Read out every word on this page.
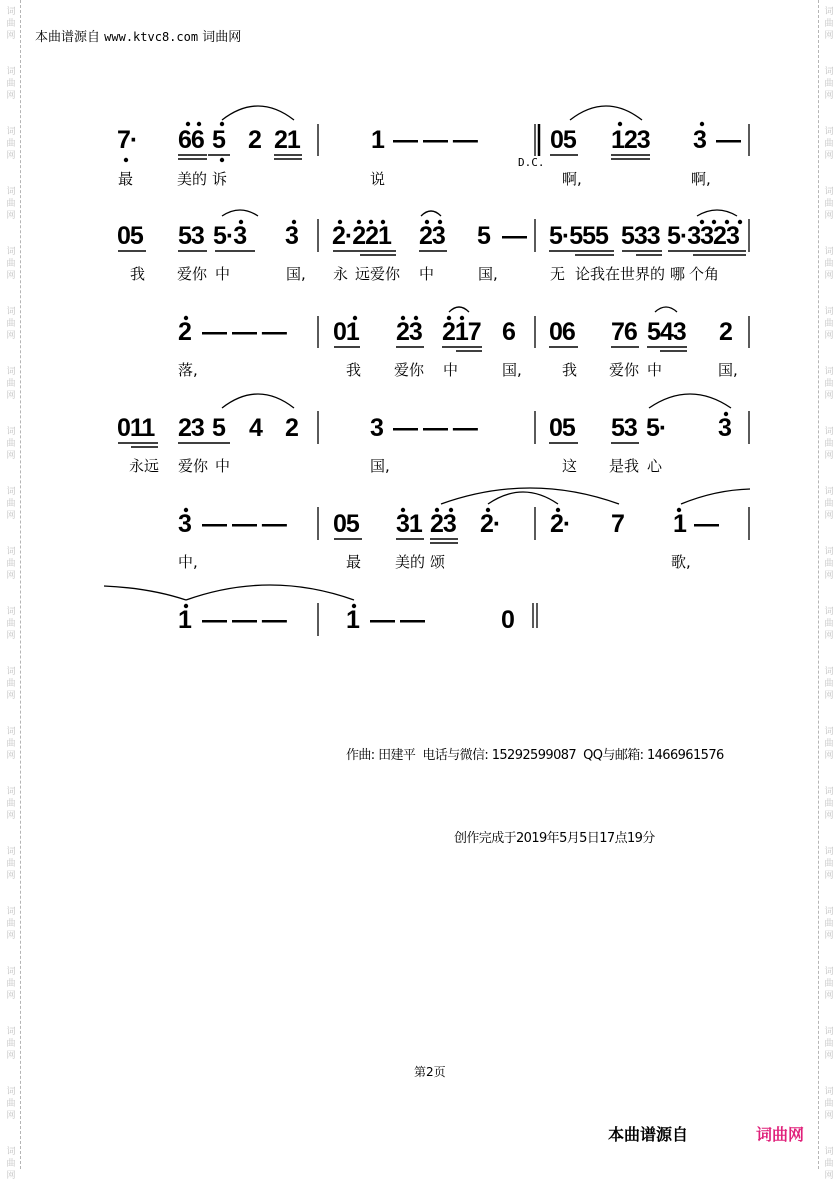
词
曲
网
词
曲
网
词
曲
网
词
曲
网
词
曲
网
词
曲
网
词
曲
网
词
曲
网
词
曲
网
词
曲
网
词
曲
网
词
曲
网
词
曲
网
词
曲
网
词
曲
网
词
曲
网
词
曲
网
词
曲
网
词
曲
网
词
曲
网
词
曲
网
词
曲
网
词
曲
网
词
曲
网
词
曲
网
词
曲
网
词
曲
网
词
曲
网
词
曲
网
词
曲
网
词
曲
网
词
曲
网
词
曲
网
词
曲
网
词
曲
网
词
曲
网
词
曲
网
词
曲
网
词
曲
网
词
曲
网
本曲谱源自 www.ktvc8.com 词曲网
7· 66 5 2 21	1 — — —	05 123 3 —
D.C.
最	美的 诉	说	啊,	啊,
05 53 5·3 3 2·221 23 5 — 5·555 533 5·3323
我 爱你 中	国, 永 远爱你 中	国,	无 论我在 世界的 哪 个角
2 — — — 01 23 217 6 06 76 543 2
落,	我 爱你 中	国,	我 爱你 中	国,
011 23 5 4 2	3 — — —	05 53 5· 3
永远 爱你 中	国,	这 是我 心
3 — — — 05 31 23 2· 2· 7 1 —
中,	最 美的 颂	歌,
1 — — — 1 — —	0
作曲: 田建平 电话与微信: 15292599087 QQ与邮箱: 1466961576
创作完成于2019年5月5日17点19分
第2页
本曲谱源自	词曲网
